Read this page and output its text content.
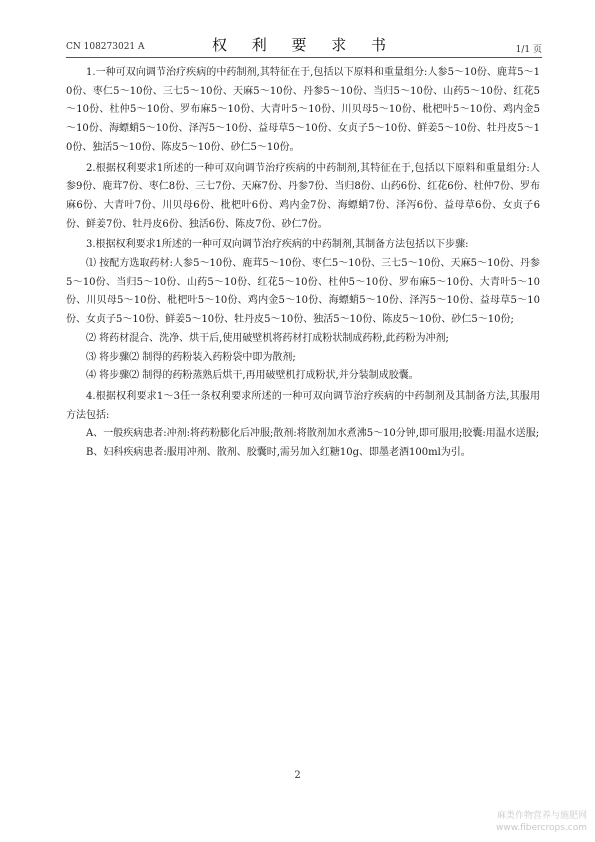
CN 108273021 A	权 利 要 求 书	1/1 页

1.一种可双向调节治疗疾病的中药制剂,其特征在于,包括以下原料和重量组分:人参5～10份、鹿茸5～10份、枣仁5～10份、三七5～10份、天麻5～10份、丹参5～10份、当归5～10份、山药5～10份、红花5～10份、杜仲5～10份、罗布麻5～10份、大青叶5～10份、川贝母5～10份、枇杷叶5～10份、鸡内金5～10份、海螵蛸5～10份、泽泻5～10份、益母草5～10份、女贞子5～10份、鲜姜5～10份、牡丹皮5～10份、独活5～10份、陈皮5～10份、砂仁5～10份。

2.根据权利要求1所述的一种可双向调节治疗疾病的中药制剂,其特征在于,包括以下原料和重量组分:人参9份、鹿茸7份、枣仁8份、三七7份、天麻7份、丹参7份、当归8份、山药6份、红花6份、杜仲7份、罗布麻6份、大青叶7份、川贝母6份、枇杷叶6份、鸡内金7份、海螵蛸7份、泽泻6份、益母草6份、女贞子6份、鲜姜7份、牡丹皮6份、独活6份、陈皮7份、砂仁7份。

3.根据权利要求1所述的一种可双向调节治疗疾病的中药制剂,其制备方法包括以下步骤:

⑴ 按配方选取药材:人参5～10份、鹿茸5～10份、枣仁5～10份、三七5～10份、天麻5～10份、丹参5～10份、当归5～10份、山药5～10份、红花5～10份、杜仲5～10份、罗布麻5～10份、大青叶5～10份、川贝母5～10份、枇杷叶5～10份、鸡内金5～10份、海螵蛸5～10份、泽泻5～10份、益母草5～10份、女贞子5～10份、鲜姜5～10份、牡丹皮5～10份、独活5～10份、陈皮5～10份、砂仁5～10份;

⑵ 将药材混合、洗净、烘干后,使用破壁机将药材打成粉状制成药粉,此药粉为冲剂;

⑶ 将步骤⑵ 制得的药粉装入药粉袋中即为散剂;

⑷ 将步骤⑵ 制得的药粉蒸熟后烘干,再用破壁机打成粉状,并分装制成胶囊。

4.根据权利要求1～3任一条权利要求所述的一种可双向调节治疗疾病的中药制剂及其制备方法,其服用方法包括:

A、一般疾病患者:冲剂:将药粉膨化后冲服;散剂:将散剂加水煮沸5～10分钟,即可服用;胶囊:用温水送服;

B、妇科疾病患者:服用冲剂、散剂、胶囊时,需另加入红糖10g、即墨老酒100ml为引。

2
麻类作物营养与施肥网
www.fibercrops.com
